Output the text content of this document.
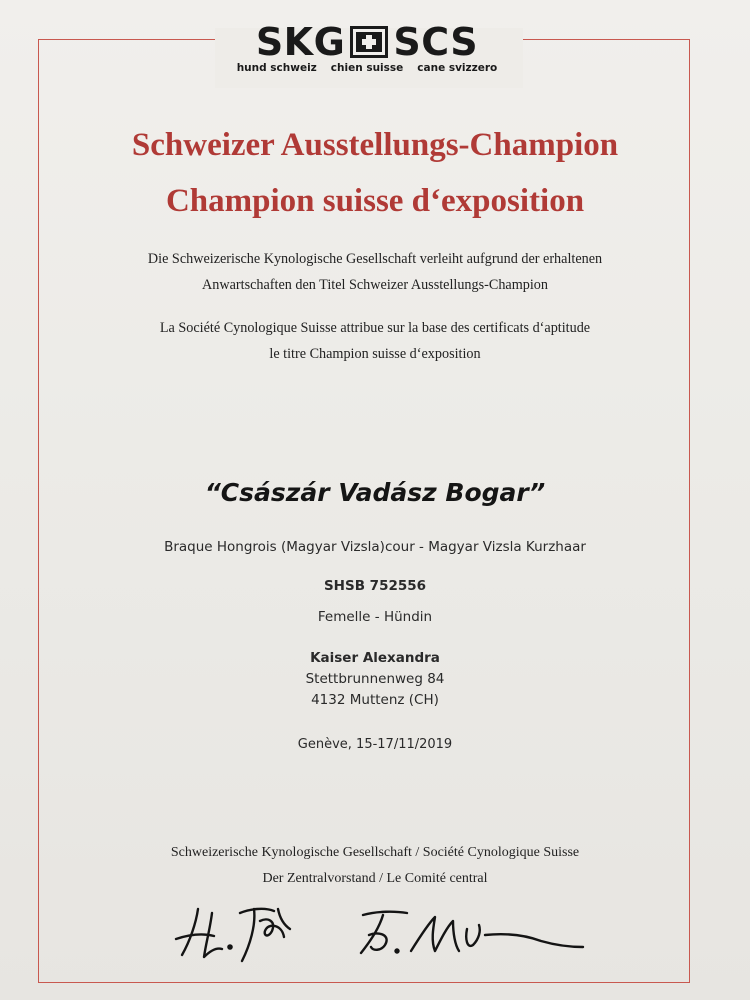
SKG SCS
hund schweiz chien suisse cane svizzero
Schweizer Ausstellungs-Champion
Champion suisse d‘exposition
Die Schweizerische Kynologische Gesellschaft verleiht aufgrund der erhaltenen
Anwartschaften den Titel Schweizer Ausstellungs-Champion
La Société Cynologique Suisse attribue sur la base des certificats d‘aptitude
le titre Champion suisse d‘exposition
“Császár Vadász Bogar”
Braque Hongrois (Magyar Vizsla)cour - Magyar Vizsla Kurzhaar
SHSB 752556
Femelle - Hündin
Kaiser Alexandra
Stettbrunnenweg 84
4132 Muttenz (CH)
Genève, 15-17/11/2019
Schweizerische Kynologische Gesellschaft / Société Cynologique Suisse
Der Zentralvorstand / Le Comité central
